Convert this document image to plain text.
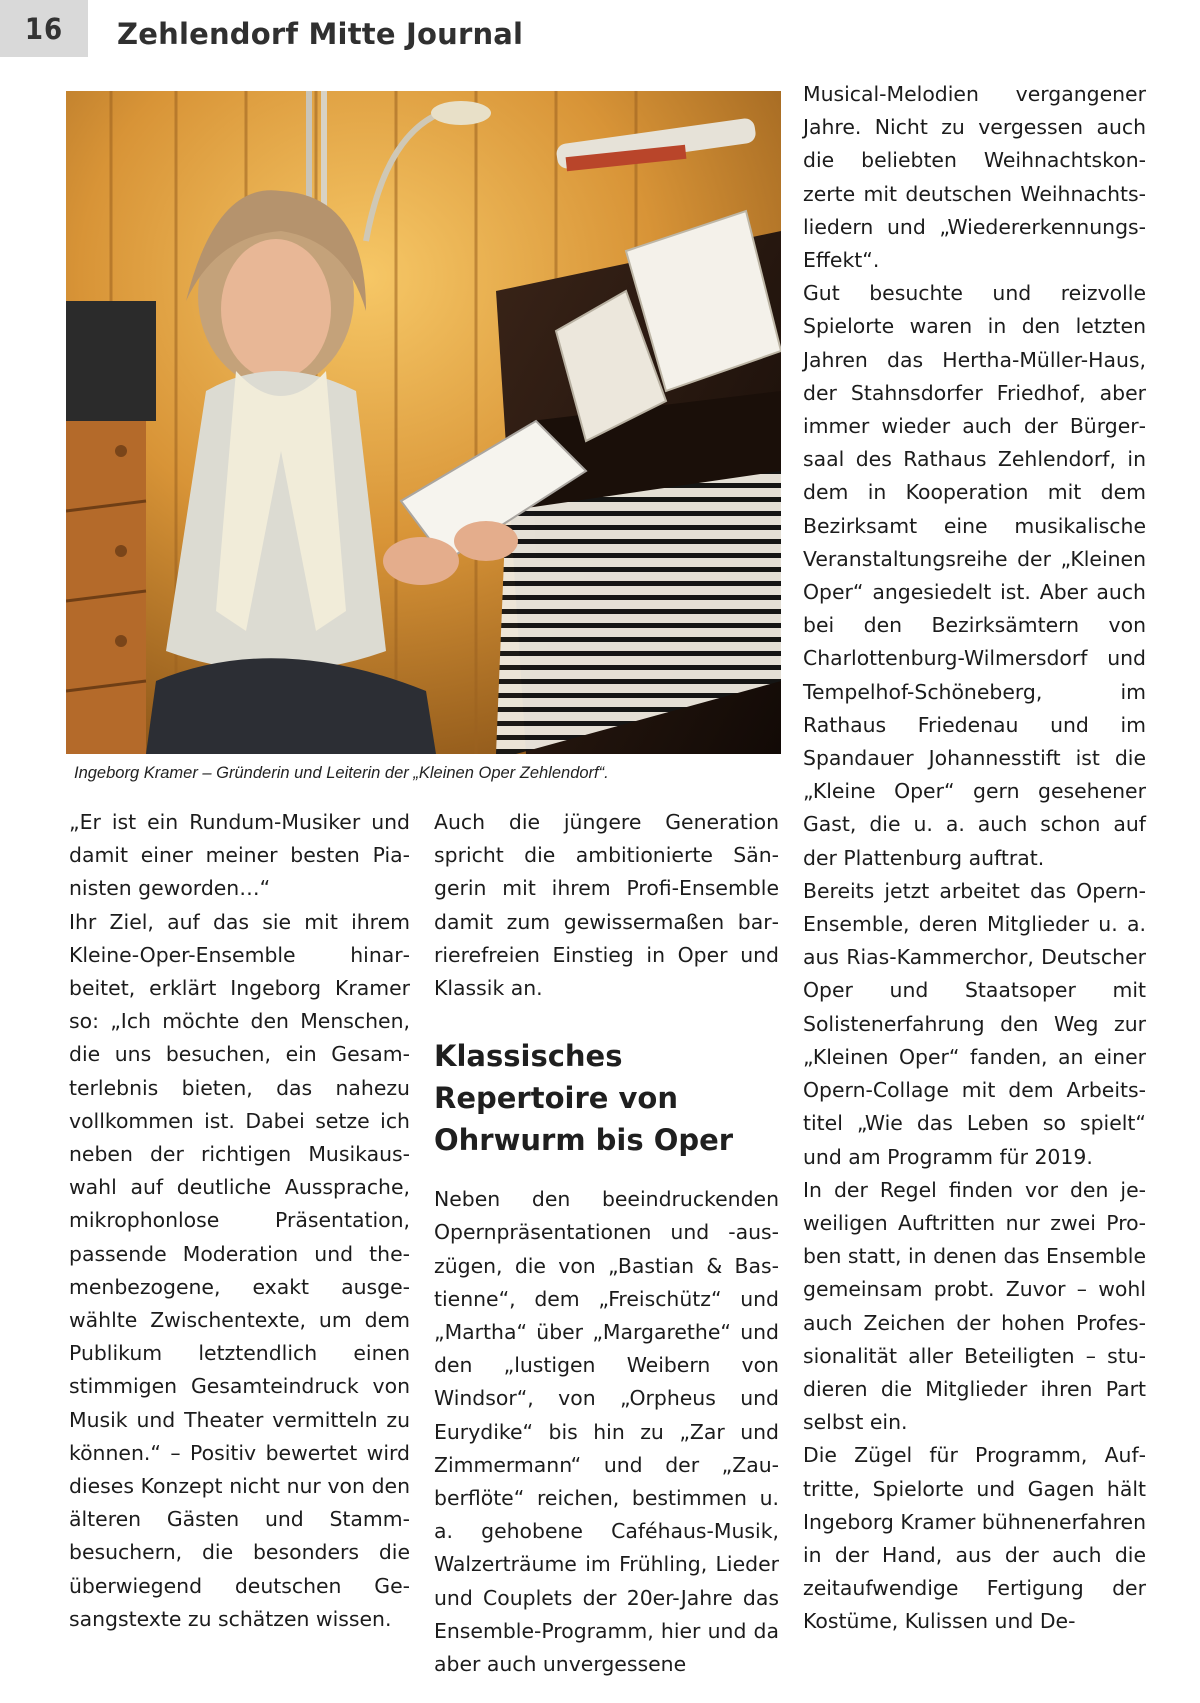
16 Zehlendorf Mitte Journal
Ingeborg Kramer – Gründerin und Leiterin der „Kleinen Oper Zehlendorf“.

„Er ist ein Rundum-Musiker und damit einer meiner besten Pianisten geworden…“

Ihr Ziel, auf das sie mit ihrem Kleine-Oper-Ensemble hinarbeitet, erklärt Ingeborg Kramer so: „Ich möchte den Menschen, die uns besuchen, ein Gesamterlebnis bieten, das nahezu vollkommen ist. Dabei setze ich neben der richtigen Musikauswahl auf deutliche Aussprache, mikrophonlose Präsentation, passende Moderation und themenbezogene, exakt ausgewählte Zwischentexte, um dem Publikum letztendlich einen stimmigen Gesamteindruck von Musik und Theater vermitteln zu können.“ – Positiv bewertet wird dieses Konzept nicht nur von den älteren Gästen und Stammbesuchern, die besonders die überwiegend deutschen Gesangstexte zu schätzen wissen.

Auch die jüngere Generation spricht die ambitionierte Sängerin mit ihrem Profi-Ensemble damit zum gewissermaßen barrierefreien Einstieg in Oper und Klassik an.

Klassisches Repertoire von Ohrwurm bis Oper

Neben den beeindruckenden Opernpräsentationen und -auszügen, die von „Bastian & Bastienne“, dem „Freischütz“ und „Martha“ über „Margarethe“ und den „lustigen Weibern von Windsor“, von „Orpheus und Eurydike“ bis hin zu „Zar und Zimmermann“ und der „Zauberflöte“ reichen, bestimmen u. a. gehobene Caféhaus-Musik, Walzerträume im Frühling, Lieder und Couplets der 20er-Jahre das Ensemble-Programm, hier und da aber auch unvergessene

Musical-Melodien vergangener Jahre. Nicht zu vergessen auch die beliebten Weihnachtskonzerte mit deutschen Weihnachtsliedern und „Wiedererkennungs-Effekt“.

Gut besuchte und reizvolle Spielorte waren in den letzten Jahren das Hertha-Müller-Haus, der Stahnsdorfer Friedhof, aber immer wieder auch der Bürgersaal des Rathaus Zehlendorf, in dem in Kooperation mit dem Bezirksamt eine musikalische Veranstaltungsreihe der „Kleinen Oper“ angesiedelt ist. Aber auch bei den Bezirksämtern von Charlottenburg-Wilmersdorf und Tempelhof-Schöneberg, im Rathaus Friedenau und im Spandauer Johannesstift ist die „Kleine Oper“ gern gesehener Gast, die u. a. auch schon auf der Plattenburg auftrat.

Bereits jetzt arbeitet das Opern-Ensemble, deren Mitglieder u. a. aus Rias-Kammerchor, Deutscher Oper und Staatsoper mit Solistenerfahrung den Weg zur „Kleinen Oper“ fanden, an einer Opern-Collage mit dem Arbeitstitel „Wie das Leben so spielt“ und am Programm für 2019.

In der Regel finden vor den jeweiligen Auftritten nur zwei Proben statt, in denen das Ensemble gemeinsam probt. Zuvor – wohl auch Zeichen der hohen Professionalität aller Beteiligten – studieren die Mitglieder ihren Part selbst ein.

Die Zügel für Programm, Auftritte, Spielorte und Gagen hält Ingeborg Kramer bühnenerfahren in der Hand, aus der auch die zeitaufwendige Fertigung der Kostüme, Kulissen und De-
